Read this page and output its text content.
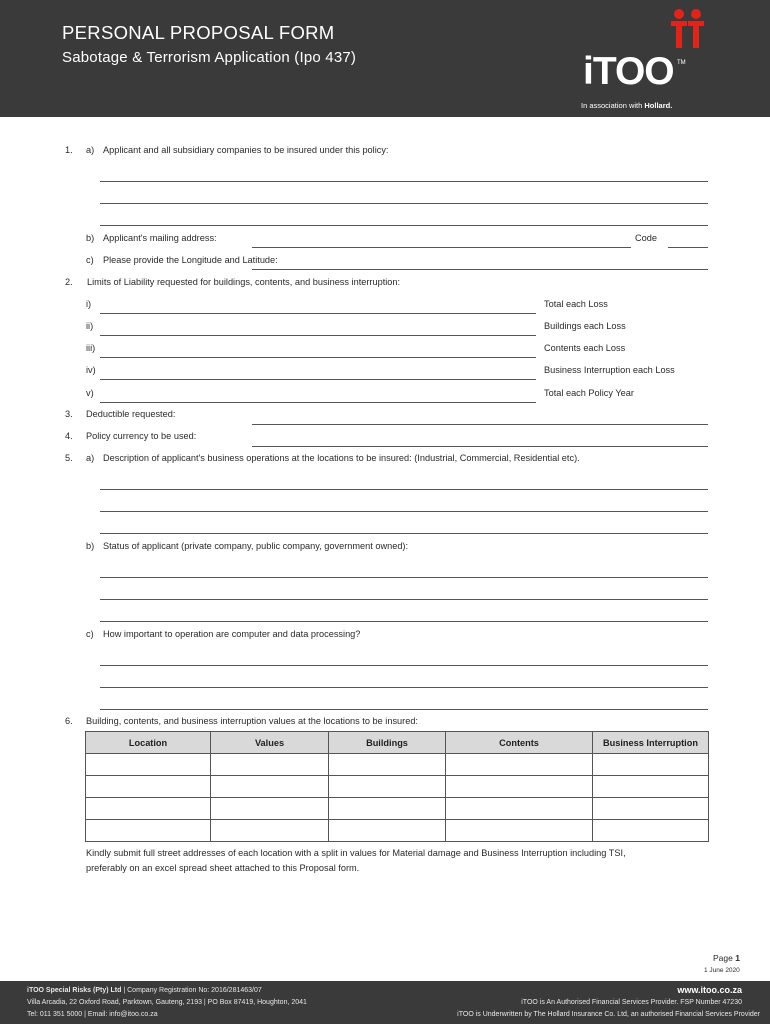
PERSONAL PROPOSAL FORM
Sabotage & Terrorism Application (Ipo 437)	iTOO TM
In association with Hollard.
1. a) Applicant and all subsidiary companies to be insured under this policy:
b) Applicant's mailing address:	Code
c) Please provide the Longitude and Latitude:
2. Limits of Liability requested for buildings, contents, and business interruption:
i)	Total each Loss
ii)	Buildings each Loss
iii)	Contents each Loss
iv)	Business Interruption each Loss
v)	Total each Policy Year
3. Deductible requested:
4. Policy currency to be used:
5. a) Description of applicant's business operations at the locations to be insured: (Industrial, Commercial, Residential etc).
b) Status of applicant (private company, public company, government owned):
c) How important to operation are computer and data processing?
6. Building, contents, and business interruption values at the locations to be insured:
Location	Values	Buildings	Contents	Business Interruption

Kindly submit full street addresses of each location with a split in values for Material damage and Business Interruption including TSI,
preferably on an excel spread sheet attached to this Proposal form.
Page 1
1 June 2020
iTOO Special Risks (Pty) Ltd | Company Registration No: 2016/281463/07
Villa Arcadia, 22 Oxford Road, Parktown, Gauteng, 2193 | PO Box 87419, Houghton, 2041
Tel: 011 351 5000 | Email: info@itoo.co.za
www.itoo.co.za
iTOO is An Authorised Financial Services Provider. FSP Number 47230
iTOO is Underwritten by The Hollard Insurance Co. Ltd, an authorised Financial Services Provider
